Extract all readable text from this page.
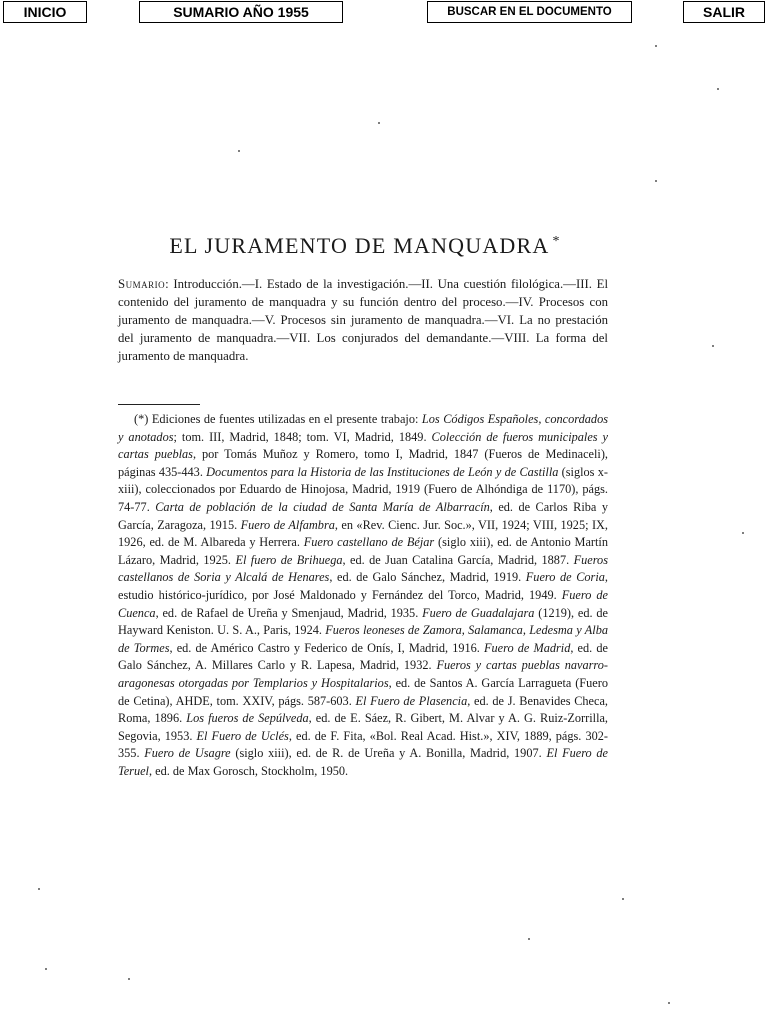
INICIO	SUMARIO AÑO 1955	BUSCAR EN EL DOCUMENTO	SALIR
EL JURAMENTO DE MANQUADRA *

Sumario: Introducción.—I. Estado de la investigación.—II. Una cuestión filológica.—III. El contenido del juramento de manquadra y su función dentro del proceso.—IV. Procesos con juramento de manquadra.—V. Procesos sin juramento de manquadra.—VI. La no prestación del juramento de manquadra.—VII. Los conjurados del demandante.—VIII. La forma del juramento de manquadra.

(*) Ediciones de fuentes utilizadas en el presente trabajo: Los Códigos Españoles, concordados y anotados; tom. III, Madrid, 1848; tom. VI, Madrid, 1849. Colección de fueros municipales y cartas pueblas, por Tomás Muñoz y Romero, tomo I, Madrid, 1847 (Fueros de Medinaceli), páginas 435-443. Documentos para la Historia de las Instituciones de León y de Castilla (siglos x-xiii), coleccionados por Eduardo de Hinojosa, Madrid, 1919 (Fuero de Alhóndiga de 1170), págs. 74-77. Carta de población de la ciudad de Santa María de Albarracín, ed. de Carlos Riba y García, Zaragoza, 1915. Fuero de Alfambra, en «Rev. Cienc. Jur. Soc.», VII, 1924; VIII, 1925; IX, 1926, ed. de M. Albareda y Herrera. Fuero castellano de Béjar (siglo xiii), ed. de Antonio Martín Lázaro, Madrid, 1925. El fuero de Brihuega, ed. de Juan Catalina García, Madrid, 1887. Fueros castellanos de Soria y Alcalá de Henares, ed. de Galo Sánchez, Madrid, 1919. Fuero de Coria, estudio histórico-jurídico, por José Maldonado y Fernández del Torco, Madrid, 1949. Fuero de Cuenca, ed. de Rafael de Ureña y Smenjaud, Madrid, 1935. Fuero de Guadalajara (1219), ed. de Hayward Keniston. U. S. A., Paris, 1924. Fueros leoneses de Zamora, Salamanca, Ledesma y Alba de Tormes, ed. de Américo Castro y Federico de Onís, I, Madrid, 1916. Fuero de Madrid, ed. de Galo Sánchez, A. Millares Carlo y R. Lapesa, Madrid, 1932. Fueros y cartas pueblas navarro-aragonesas otorgadas por Templarios y Hospitalarios, ed. de Santos A. García Larragueta (Fuero de Cetina), AHDE, tom. XXIV, págs. 587-603. El Fuero de Plasencia, ed. de J. Benavides Checa, Roma, 1896. Los fueros de Sepúlveda, ed. de E. Sáez, R. Gibert, M. Alvar y A. G. Ruiz-Zorrilla, Segovia, 1953. El Fuero de Uclés, ed. de F. Fita, «Bol. Real Acad. Hist.», XIV, 1889, págs. 302-355. Fuero de Usagre (siglo xiii), ed. de R. de Ureña y A. Bonilla, Madrid, 1907. El Fuero de Teruel, ed. de Max Gorosch, Stockholm, 1950.
